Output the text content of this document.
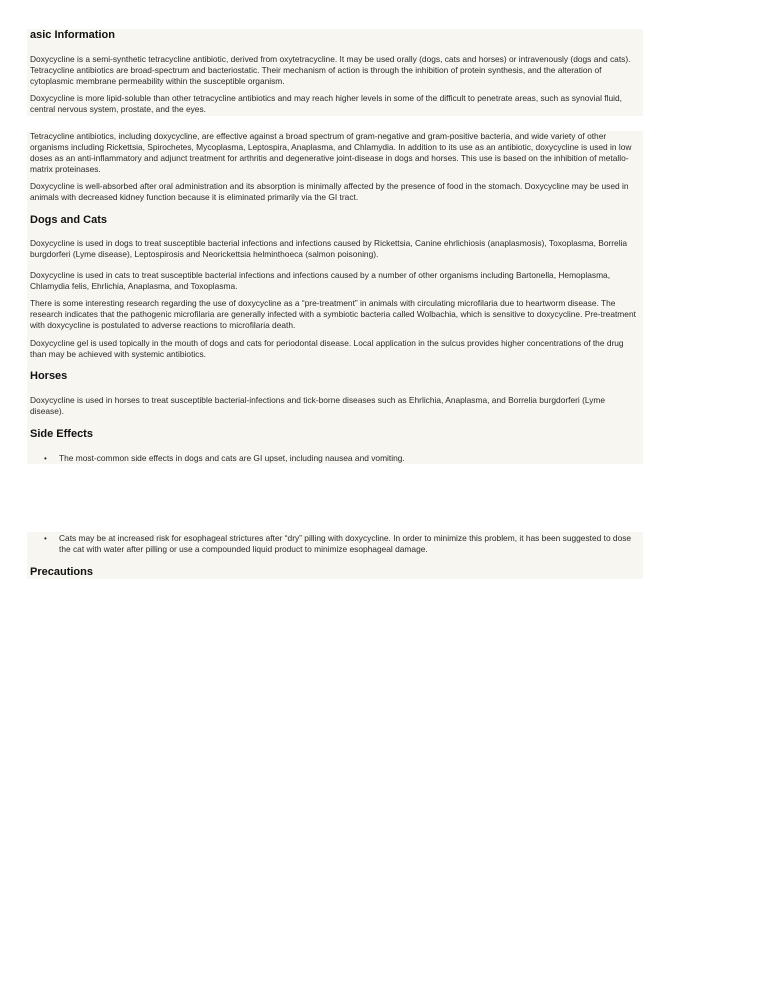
asic Information

Doxycycline is a semi-synthetic tetracycline antibiotic, derived from oxytetracycline. It may be used orally (dogs, cats and horses) or intravenously (dogs and cats). Tetracycline antibiotics are broad-spectrum and bacteriostatic. Their mechanism of action is through the inhibition of protein synthesis, and the alteration of cytoplasmic membrane permeability within the susceptible organism.

Doxycycline is more lipid-soluble than other tetracycline antibiotics and may reach higher levels in some of the difficult to penetrate areas, such as synovial fluid, central nervous system, prostate, and the eyes.

Tetracycline antibiotics, including doxycycline, are effective against a broad spectrum of gram-negative and gram-positive bacteria, and wide variety of other organisms including Rickettsia, Spirochetes, Mycoplasma, Leptospira, Anaplasma, and Chlamydia. In addition to its use as an antibiotic, doxycycline is used in low doses as an anti-inflammatory and adjunct treatment for arthritis and degenerative joint-disease in dogs and horses. This use is based on the inhibition of metallo-matrix proteinases.

Doxycycline is well-absorbed after oral administration and its absorption is minimally affected by the presence of food in the stomach. Doxycycline may be used in animals with decreased kidney function because it is eliminated primarily via the GI tract.

Dogs and Cats

Doxycycline is used in dogs to treat susceptible bacterial infections and infections caused by Rickettsia, Canine ehrlichiosis (anaplasmosis), Toxoplasma, Borrelia burgdorferi (Lyme disease), Leptospirosis and Neorickettsia helminthoeca (salmon poisoning).

Doxycycline is used in cats to treat susceptible bacterial infections and infections caused by a number of other organisms including Bartonella, Hemoplasma, Chlamydia felis, Ehrlichia, Anaplasma, and Toxoplasma.

There is some interesting research regarding the use of doxycycline as a “pre-treatment” in animals with circulating microfilaria due to heartworm disease. The research indicates that the pathogenic microfilaria are generally infected with a symbiotic bacteria called Wolbachia, which is sensitive to doxycycline. Pre-treatment with doxycycline is postulated to adverse reactions to microfilaria death.

Doxycycline gel is used topically in the mouth of dogs and cats for periodontal disease. Local application in the sulcus provides higher concentrations of the drug than may be achieved with systemic antibiotics.

Horses

Doxycycline is used in horses to treat susceptible bacterial-infections and tick-borne diseases such as Ehrlichia, Anaplasma, and Borrelia burgdorferi (Lyme disease).

Side Effects
• The most-common side effects in dogs and cats are GI upset, including nausea and vomiting.
• Cats may be at increased risk for esophageal strictures after “dry” pilling with doxycycline. In order to minimize this problem, it has been suggested to dose the cat with water after pilling or use a compounded liquid product to minimize esophageal damage.
Precautions
